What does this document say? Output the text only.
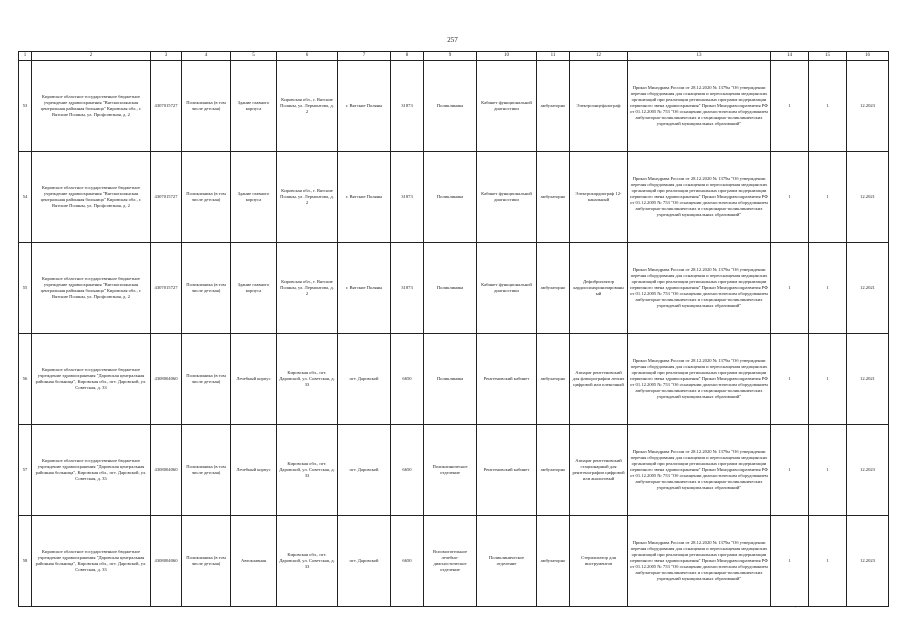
257
1	2	3	4	5	6	7	8	9	10	11	12	13	14	15	16
53	Кировское областное государственное бюджетное учреждение здравоохранения "Вятскополянская центральная районная больница" Кировская обл., г. Вятские Поляны, ул. Профсоюзная, д. 2	4307015727	Поликлиника (в том числе детская)	Здание главного корпуса	Кировская обл., г. Вятские Поляны, ул. Лермонтова, д. 2	г. Вятские Поляны	31873	Поликлиника	Кабинет функциональной диагностики	амбулаторно	Электроэнцефалограф	Приказ Минздрава России от 28.12.2020 № 1379н "Об утверждении перечня оборудования для оснащения и переоснащения медицинских организаций при реализации региональных программ модернизации первичного звена здравоохранения" Приказ Минздравсоцразвития РФ от 01.12.2005 № 753 "Об оснащении диагностическим оборудованием амбулаторно-поликлинических и стационарно-поликлинических учреждений муниципальных образований"	1	1	12.2023
54	Кировское областное государственное бюджетное учреждение здравоохранения "Вятскополянская центральная районная больница" Кировская обл., г. Вятские Поляны, ул. Профсоюзная, д. 2	4307015727	Поликлиника (в том числе детская)	Здание главного корпуса	Кировская обл., г. Вятские Поляны, ул. Лермонтова, д. 2	г. Вятские Поляны	31873	Поликлиника	Кабинет функциональной диагностики	амбулаторно	Электрокардиограф 12-канальный	Приказ Минздрава России от 28.12.2020 № 1379н "Об утверждении перечня оборудования для оснащения и переоснащения медицинских организаций при реализации региональных программ модернизации первичного звена здравоохранения" Приказ Минздравсоцразвития РФ от 01.12.2005 № 753 "Об оснащении диагностическим оборудованием амбулаторно-поликлинических и стационарно-поликлинических учреждений муниципальных образований"	1	1	12.2021
55	Кировское областное государственное бюджетное учреждение здравоохранения "Вятскополянская центральная районная больница" Кировская обл., г. Вятские Поляны, ул. Профсоюзная, д. 2	4307015727	Поликлиника (в том числе детская)	Здание главного корпуса	Кировская обл., г. Вятские Поляны, ул. Лермонтова, д. 2	г. Вятские Поляны	31873	Поликлиника	Кабинет функциональной диагностики	амбулаторно	Дефибриллятор кардиосинхронизированный	Приказ Минздрава России от 28.12.2020 № 1379н "Об утверждении перечня оборудования для оснащения и переоснащения медицинских организаций при реализации региональных программ модернизации первичного звена здравоохранения" Приказ Минздравсоцразвития РФ от 01.12.2005 № 753 "Об оснащении диагностическим оборудованием амбулаторно-поликлинических и стационарно-поликлинических учреждений муниципальных образований"	1	1	12.2021
56	Кировское областное государственное бюджетное учреждение здравоохранения "Даровская центральная районная больница", Кировская обл., пгт. Даровской, ул. Советская, д. 33	4308004060	Поликлиника (в том числе детская)	Лечебный корпус	Кировская обл., пгт. Даровской, ул. Советская, д. 33	пгт. Даровской	6650	Поликлиника	Рентгеновский кабинет	амбулаторно	Аппарат рентгеновский для флюорографии легких цифровой или пленочный	Приказ Минздрава России от 28.12.2020 № 1379н "Об утверждении перечня оборудования для оснащения и переоснащения медицинских организаций при реализации региональных программ модернизации первичного звена здравоохранения" Приказ Минздравсоцразвития РФ от 01.12.2005 № 753 "Об оснащении диагностическим оборудованием амбулаторно-поликлинических и стационарно-поликлинических учреждений муниципальных образований"	1	1	12.2021
57	Кировское областное государственное бюджетное учреждение здравоохранения "Даровская центральная районная больница", Кировская обл., пгт. Даровской, ул. Советская, д. 33	4308004060	Поликлиника (в том числе детская)	Лечебный корпус	Кировская обл., пгт. Даровской, ул. Советская, д. 33	пгт. Даровской	6650	Поликлиническое отделение	Рентгеновский кабинет	амбулаторно	Аппарат рентгеновский стационарный для рентгенографии цифровой или аналоговый	Приказ Минздрава России от 28.12.2020 № 1379н "Об утверждении перечня оборудования для оснащения и переоснащения медицинских организаций при реализации региональных программ модернизации первичного звена здравоохранения" Приказ Минздравсоцразвития РФ от 01.12.2005 № 753 "Об оснащении диагностическим оборудованием амбулаторно-поликлинических и стационарно-поликлинических учреждений муниципальных образований"	1	1	12.2023
58	Кировское областное государственное бюджетное учреждение здравоохранения "Даровская центральная районная больница", Кировская обл., пгт. Даровской, ул. Советская, д. 33	4308004060	Поликлиника (в том числе детская)	Автоклавная	Кировская обл., пгт. Даровской, ул. Советская, д. 33	пгт. Даровской	6650	Вспомогательное лечебно-диагностическое отделение	Поликлиническое отделение	амбулаторно	Стерилизатор для инструментов	Приказ Минздрава России от 28.12.2020 № 1379н "Об утверждении перечня оборудования для оснащения и переоснащения медицинских организаций при реализации региональных программ модернизации первичного звена здравоохранения" Приказ Минздравсоцразвития РФ от 01.12.2005 № 753 "Об оснащении диагностическим оборудованием амбулаторно-поликлинических и стационарно-поликлинических учреждений муниципальных образований"	1	1	12.2023
·
